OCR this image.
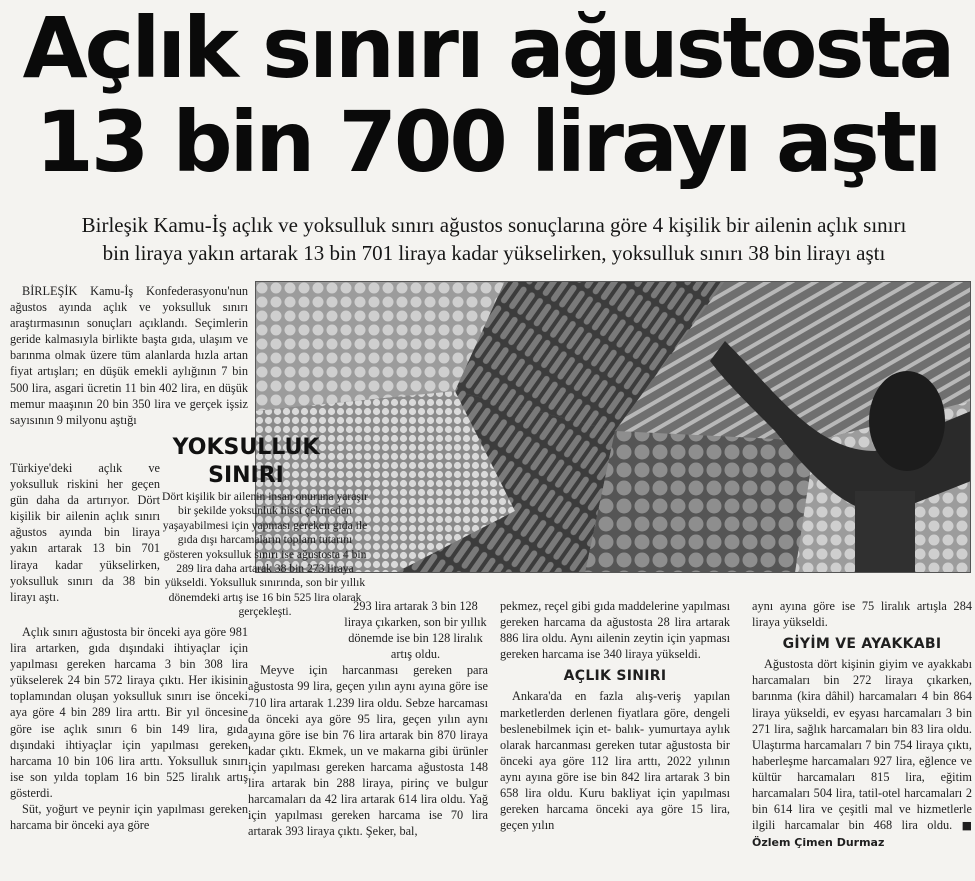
Açlık sınırı ağustosta
13 bin 700 lirayı aştı

Birleşik Kamu-İş açlık ve yoksulluk sınırı ağustos sonuçlarına göre 4 kişilik bir ailenin açlık sınırı

bin liraya yakın artarak 13 bin 701 liraya kadar yükselirken, yoksulluk sınırı 38 bin lirayı aştı

BİRLEŞİK Kamu-İş Konfederasyonu'nun ağustos ayında açlık ve yoksulluk sınırı araştırmasının sonuçları açıklandı. Seçimlerin geride kalmasıyla birlikte başta gıda, ulaşım ve barınma olmak üzere tüm alanlarda hızla artan fiyat artışları; en düşük emekli aylığının 7 bin 500 lira, asgari ücretin 11 bin 402 lira, en düşük memur maaşının 20 bin 350 lira ve gerçek işsiz sayısının 9 milyonu aştığı

Türkiye'deki açlık ve yoksulluk riskini her geçen gün daha da artırıyor. Dört kişilik bir ailenin açlık sınırı ağustos ayında bin liraya yakın artarak 13 bin 701 liraya kadar yükselirken, yoksulluk sınırı da 38 bin lirayı aştı.

Açlık sınırı ağustosta bir önceki aya göre 981 lira artarken, gıda dışındaki ihtiyaçlar için yapılması gereken harcama 3 bin 308 lira yükselerek 24 bin 572 liraya çıktı. Her ikisinin toplamından oluşan yoksulluk sınırı ise önceki aya göre 4 bin 289 lira arttı. Bir yıl öncesine göre ise açlık sınırı 6 bin 149 lira, gıda dışındaki ihtiyaçlar için yapılması gereken harcama 10 bin 106 lira arttı. Yoksulluk sınırı ise son yılda toplam 16 bin 525 liralık artış gösterdi.

Süt, yoğurt ve peynir için yapılması gereken harcama bir önceki aya göre

YOKSULLUK
SINIRI
Dört kişilik bir ailenin insan onuruna yaraşır bir şekilde yoksunluk hissi çekmeden yaşayabilmesi için yapması gereken gıda ile gıda dışı harcamaların toplam tutarını gösteren yoksulluk sınırı ise ağustosta 4 bin 289 lira daha artarak 38 bin 273 liraya yükseldi. Yoksulluk sınırında, son bir yıllık dönemdeki artış ise 16 bin 525 lira olarak gerçekleşti.	293 lira artarak 3 bin 128 liraya çıkarken, son bir yıllık dönemde ise bin 128 liralık artış oldu.

Meyve için harcanması gereken para ağustosta 99 lira, geçen yılın aynı ayına göre ise 710 lira artarak 1.239 lira oldu. Sebze harcaması da önceki aya göre 95 lira, geçen yılın aynı ayına göre ise bin 76 lira artarak bin 870 liraya kadar çıktı. Ekmek, un ve makarna gibi ürünler için yapılması gereken harcama ağustosta 148 lira artarak bin 288 liraya, pirinç ve bulgur harcamaları da 42 lira artarak 614 lira oldu. Yağ için yapılması gereken harcama ise 70 lira artarak 393 liraya çıktı. Şeker, bal,

pekmez, reçel gibi gıda maddelerine yapılması gereken harcama da ağustosta 28 lira artarak 886 lira oldu. Aynı ailenin zeytin için yapması gereken harcama ise 340 liraya yükseldi.

AÇLIK SINIRI

Ankara'da en fazla alış-veriş yapılan marketlerden derlenen fiyatlara göre, dengeli beslenebilmek için et- balık- yumurtaya aylık olarak harcanması gereken tutar ağustosta bir önceki aya göre 112 lira arttı, 2022 yılının aynı ayına göre ise bin 842 lira artarak 3 bin 658 lira oldu. Kuru bakliyat için yapılması gereken harcama önceki aya göre 15 lira, geçen yılın

aynı ayına göre ise 75 liralık artışla 284 liraya yükseldi.

GİYİM VE AYAKKABI

Ağustosta dört kişinin giyim ve ayakkabı harcamaları bin 272 liraya çıkarken, barınma (kira dâhil) harcamaları 4 bin 864 liraya yükseldi, ev eşyası harcamaları 3 bin 271 lira, sağlık harcamaları bin 83 lira oldu. Ulaştırma harcamaları 7 bin 754 liraya çıktı, haberleşme harcamaları 927 lira, eğlence ve kültür harcamaları 815 lira, eğitim harcamaları 504 lira, tatil-otel harcamaları 2 bin 614 lira ve çeşitli mal ve hizmetlerle ilgili harcamalar bin 468 lira oldu. ■ Özlem Çimen Durmaz
